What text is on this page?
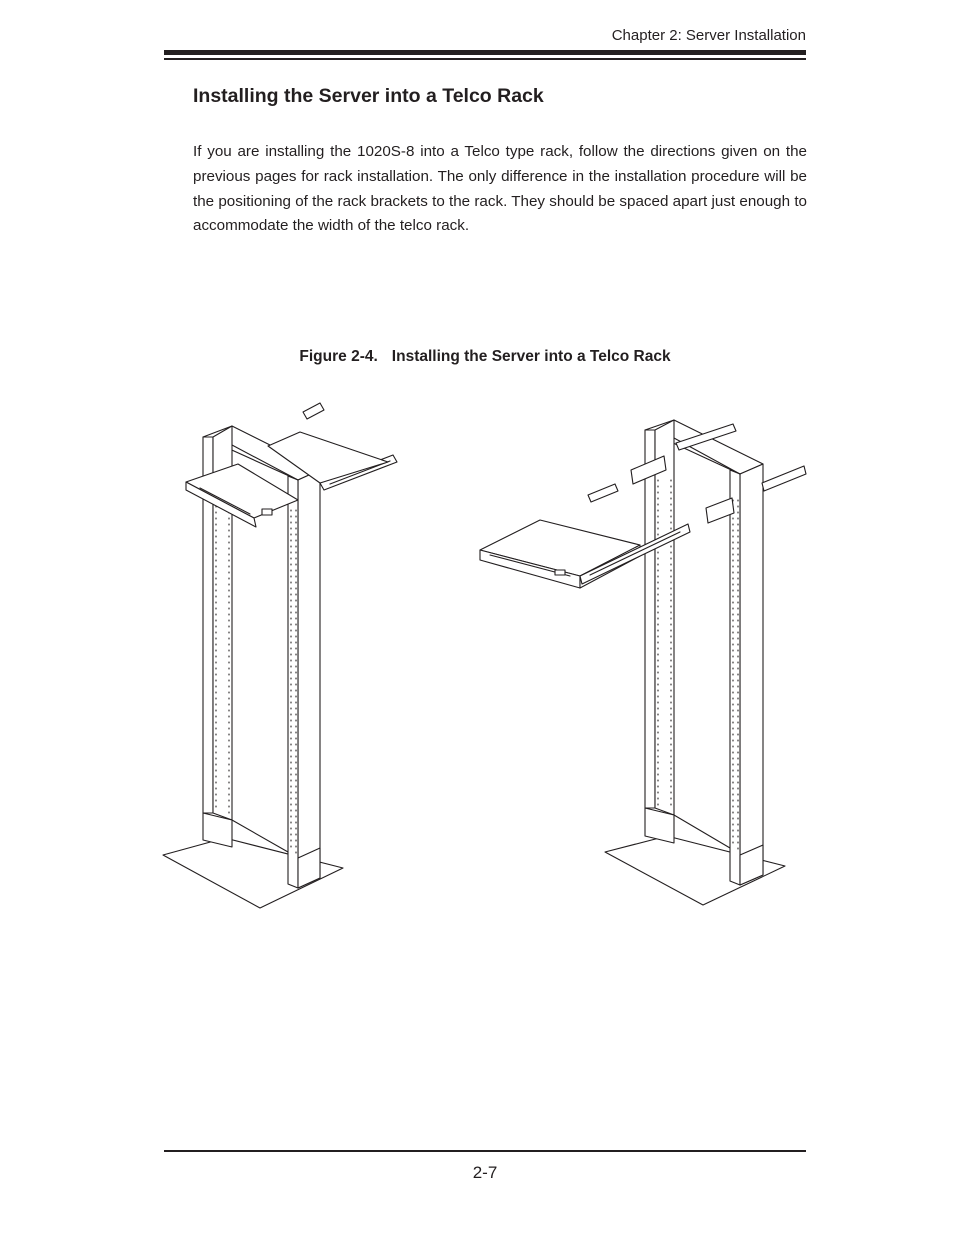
Chapter 2: Server Installation
Installing the Server into a Telco Rack

If you are installing the 1020S-8 into a Telco type rack, follow the directions given on the previous pages for rack installation. The only difference in the installation procedure will be the positioning of the rack brackets to the rack. They should be spaced apart just enough to accommodate the width of the telco rack.

Figure 2-4. Installing the Server into a Telco Rack
2-7
